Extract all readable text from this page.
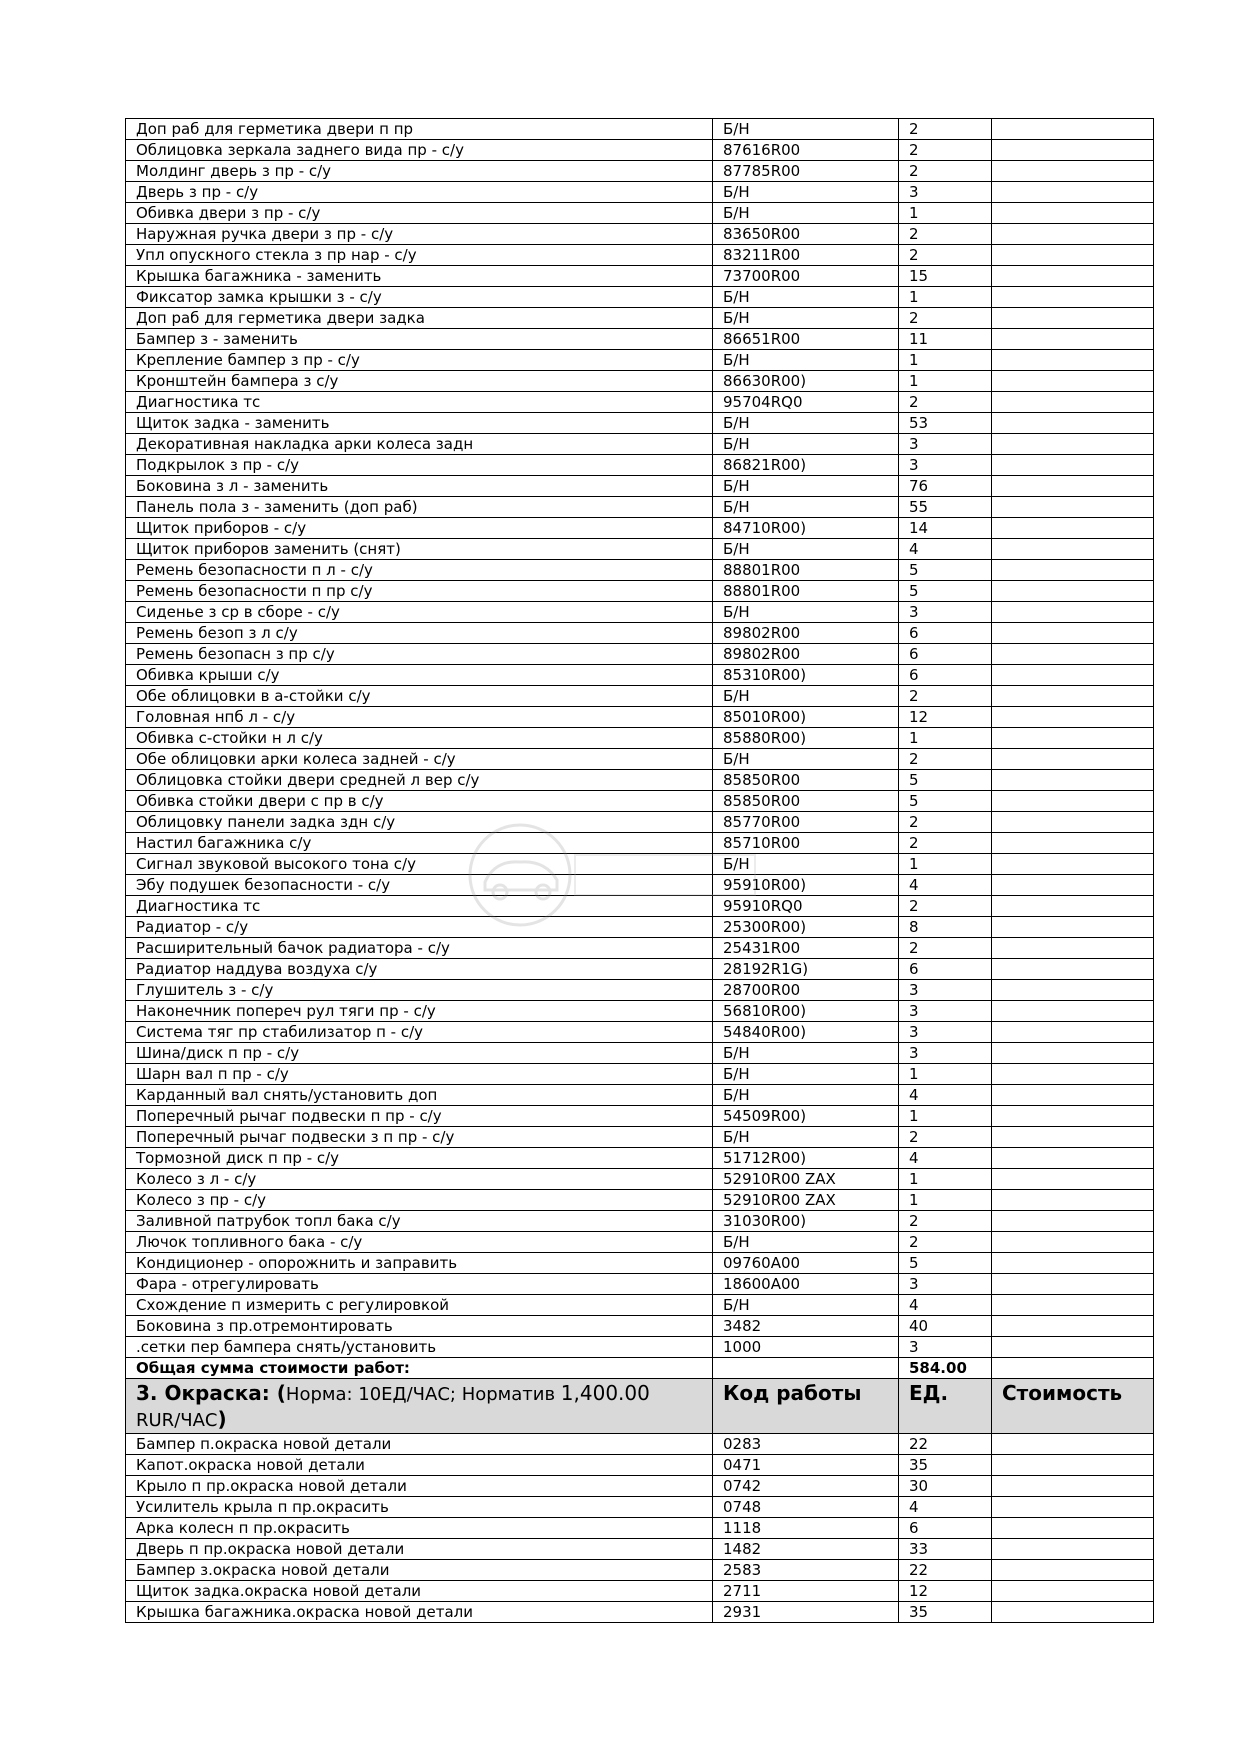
Доп раб для герметика двери п пр	Б/Н	2	
Облицовка зеркала заднего вида пр - с/у	87616R00	2	
Молдинг дверь з пр - с/у	87785R00	2	
Дверь з пр - с/у	Б/Н	3	
Обивка двери з пр - с/у	Б/Н	1	
Наружная ручка двери з пр - с/у	83650R00	2	
Упл опускного стекла з пр нар - с/у	83211R00	2	
Крышка багажника - заменить	73700R00	15	
Фиксатор замка крышки з - с/у	Б/Н	1	
Доп раб для герметика двери задка	Б/Н	2	
Бампер з - заменить	86651R00	11	
Крепление бампер з пр - с/у	Б/Н	1	
Кронштейн бампера з с/у	86630R00)	1	
Диагностика тс	95704RQ0	2	
Щиток задка - заменить	Б/Н	53	
Декоративная накладка арки колеса задн	Б/Н	3	
Подкрылок з пр - с/у	86821R00)	3	
Боковина з л - заменить	Б/Н	76	
Панель пола з - заменить (доп раб)	Б/Н	55	
Щиток приборов - с/у	84710R00)	14	
Щиток приборов заменить (снят)	Б/Н	4	
Ремень безопасности п л - с/у	88801R00	5	
Ремень безопасности п пр с/у	88801R00	5	
Сиденье з ср в сборе - с/у	Б/Н	3	
Ремень безоп з л с/у	89802R00	6	
Ремень безопасн з пр с/у	89802R00	6	
Обивка крыши с/у	85310R00)	6	
Обе облицовки в а-стойки с/у	Б/Н	2	
Головная нпб л - с/у	85010R00)	12	
Обивка с-стойки н л с/у	85880R00)	1	
Обе облицовки арки колеса задней - с/у	Б/Н	2	
Облицовка стойки двери средней л вер с/у	85850R00	5	
Обивка стойки двери с пр в с/у	85850R00	5	
Облицовку панели задка здн с/у	85770R00	2	
Настил багажника с/у	85710R00	2	
Сигнал звуковой высокого тона с/у	Б/Н	1	
Эбу подушек безопасности - с/у	95910R00)	4	
Диагностика тс	95910RQ0	2	
Радиатор - с/у	25300R00)	8	
Расширительный бачок радиатора - с/у	25431R00	2	
Радиатор наддува воздуха с/у	28192R1G)	6	
Глушитель з - с/у	28700R00	3	
Наконечник попереч рул тяги пр - с/у	56810R00)	3	
Система тяг пр стабилизатор п - с/у	54840R00)	3	
Шина/диск п пр - с/у	Б/Н	3	
Шарн вал п пр - с/у	Б/Н	1	
Карданный вал снять/установить доп	Б/Н	4	
Поперечный рычаг подвески п пр - с/у	54509R00)	1	
Поперечный рычаг подвески з п пр - с/у	Б/Н	2	
Тормозной диск п пр - с/у	51712R00)	4	
Колесо з л - с/у	52910R00 ZAX	1	
Колесо з пр - с/у	52910R00 ZAX	1	
Заливной патрубок топл бака с/у	31030R00)	2	
Лючок топливного бака - с/у	Б/Н	2	
Кондиционер - опорожнить и заправить	09760A00	5	
Фара - отрегулировать	18600A00	3	
Схождение п измерить с регулировкой	Б/Н	4	
Боковина з пр.отремонтировать	3482	40	
.сетки пер бампера снять/установить	1000	3	
Общая сумма стоимости работ:		584.00	
3. Окраска: (Норма: 10ЕД/ЧАС; Норматив 1,400.00
RUR/ЧАС)	Код работы	ЕД.	Стоимость
Бампер п.окраска новой детали	0283	22	
Капот.окраска новой детали	0471	35	
Крыло п пр.окраска новой детали	0742	30	
Усилитель крыла п пр.окрасить	0748	4	
Арка колесн п пр.окрасить	1118	6	
Дверь п пр.окраска новой детали	1482	33	
Бампер з.окраска новой детали	2583	22	
Щиток задка.окраска новой детали	2711	12	
Крышка багажника.окраска новой детали	2931	35	
